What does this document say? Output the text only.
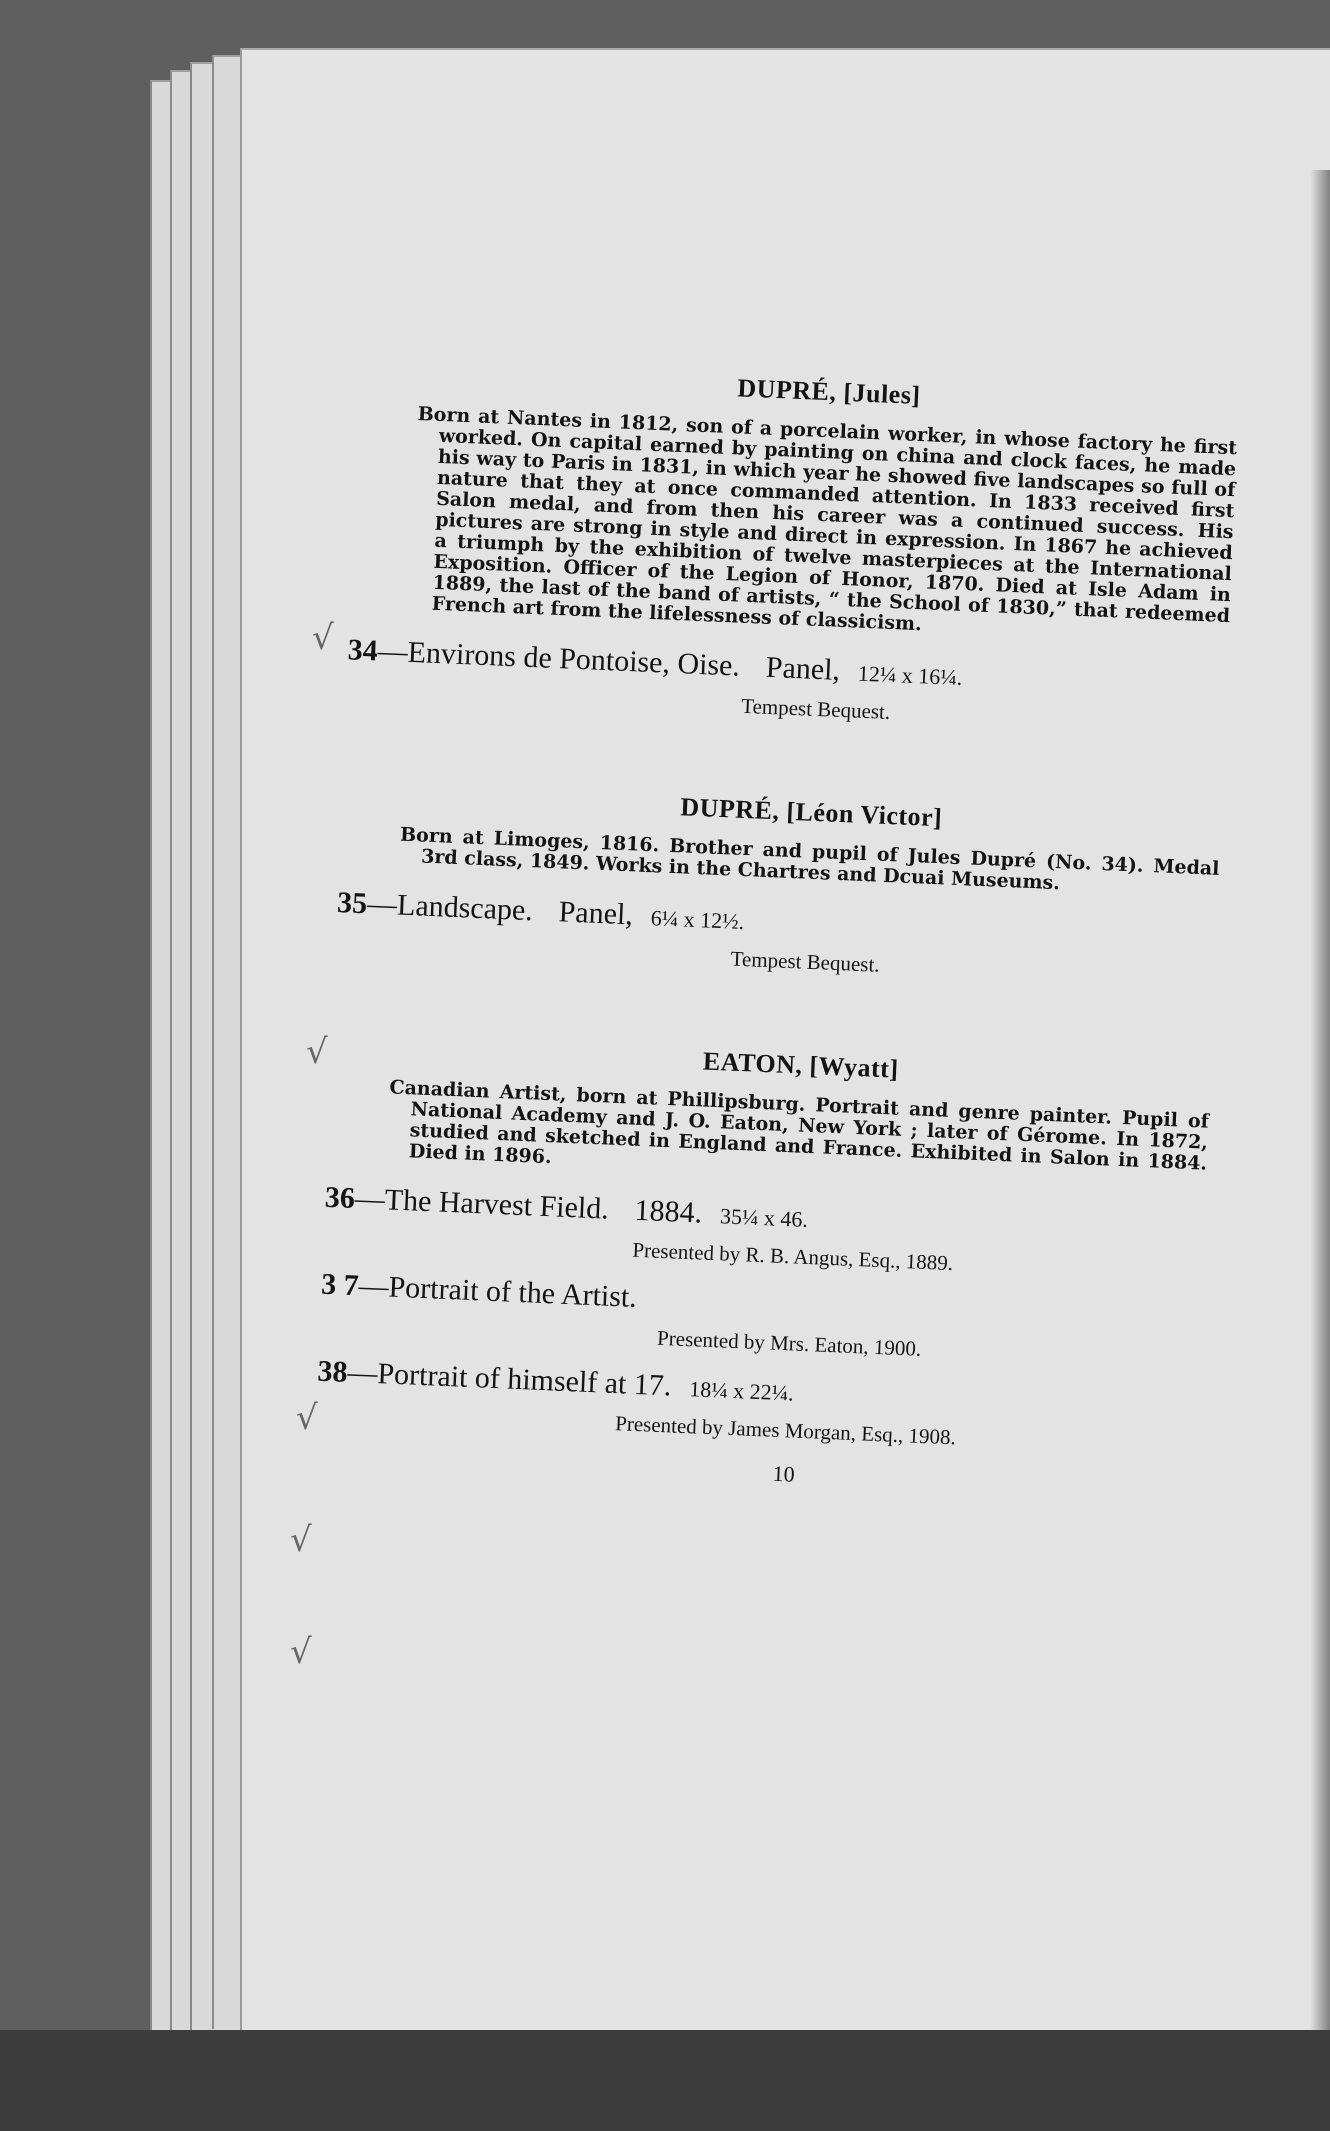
√
√
√
√
√
DUPRÉ, [Jules]

Born at Nantes in 1812, son of a porcelain worker, in whose factory he first worked. On capital earned by painting on china and clock faces, he made his way to Paris in 1831, in which year he showed five landscapes so full of nature that they at once commanded attention. In 1833 received first Salon medal, and from then his career was a continued success. His pictures are strong in style and direct in expression. In 1867 he achieved a triumph by the exhibition of twelve masterpieces at the International Exposition. Officer of the Legion of Honor, 1870. Died at Isle Adam in 1889, the last of the band of artists, “ the School of 1830,” that redeemed French art from the lifelessness of classicism.

34—Environs de Pontoise, Oise. Panel, 12¼ x 16¼.

Tempest Bequest.

DUPRÉ, [Léon Victor]

Born at Limoges, 1816. Brother and pupil of Jules Dupré (No. 34). Medal 3rd class, 1849. Works in the Chartres and Dcuai Museums.

35—Landscape. Panel, 6¼ x 12½.

Tempest Bequest.

EATON, [Wyatt]

Canadian Artist, born at Phillipsburg. Portrait and genre painter. Pupil of National Academy and J. O. Eaton, New York ; later of Gérome. In 1872, studied and sketched in England and France. Exhibited in Salon in 1884. Died in 1896.

36—The Harvest Field. 1884. 35¼ x 46.

Presented by R. B. Angus, Esq., 1889.

3 7—Portrait of the Artist.

Presented by Mrs. Eaton, 1900.

38—Portrait of himself at 17. 18¼ x 22¼.

Presented by James Morgan, Esq., 1908.

10
